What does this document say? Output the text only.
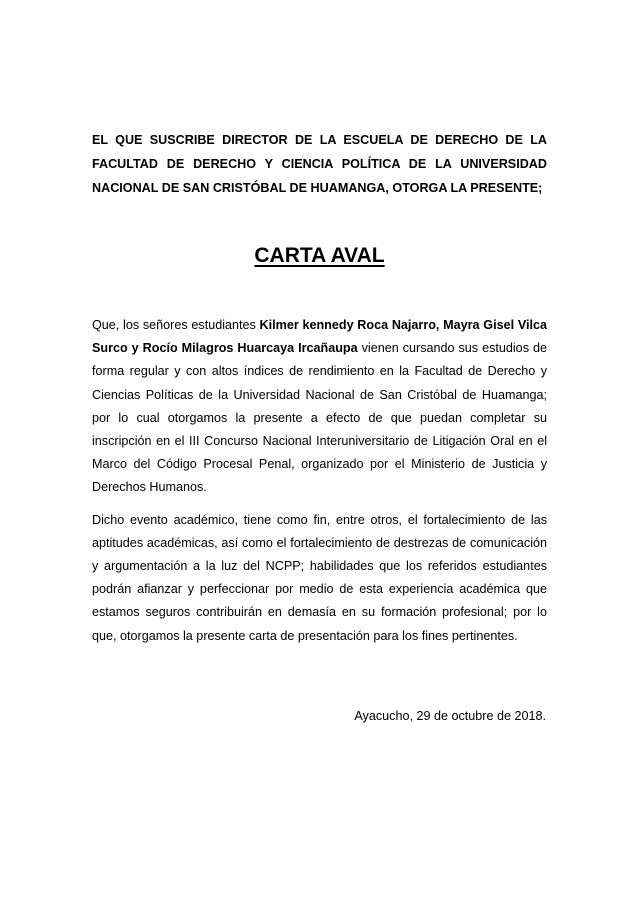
EL QUE SUSCRIBE DIRECTOR DE LA ESCUELA DE DERECHO DE LA FACULTAD DE DERECHO Y CIENCIA POLÍTICA DE LA UNIVERSIDAD NACIONAL DE SAN CRISTÓBAL DE HUAMANGA, OTORGA LA PRESENTE;

CARTA AVAL

Que, los señores estudiantes Kilmer kennedy Roca Najarro, Mayra Gisel Vilca Surco y Rocío Milagros Huarcaya Ircañaupa vienen cursando sus estudios de forma regular y con altos índices de rendimiento en la Facultad de Derecho y Ciencias Políticas de la Universidad Nacional de San Cristóbal de Huamanga; por lo cual otorgamos la presente a efecto de que puedan completar su inscripción en el III Concurso Nacional Interuniversitario de Litigación Oral en el Marco del Código Procesal Penal, organizado por el Ministerio de Justicia y Derechos Humanos.

Dicho evento académico, tiene como fin, entre otros, el fortalecimiento de las aptitudes académicas, así como el fortalecimiento de destrezas de comunicación y argumentación a la luz del NCPP; habilidades que los referidos estudiantes podrán afianzar y perfeccionar por medio de esta experiencia académica que estamos seguros contribuirán en demasía en su formación profesional; por lo que, otorgamos la presente carta de presentación para los fines pertinentes.

Ayacucho, 29 de octubre de 2018.
